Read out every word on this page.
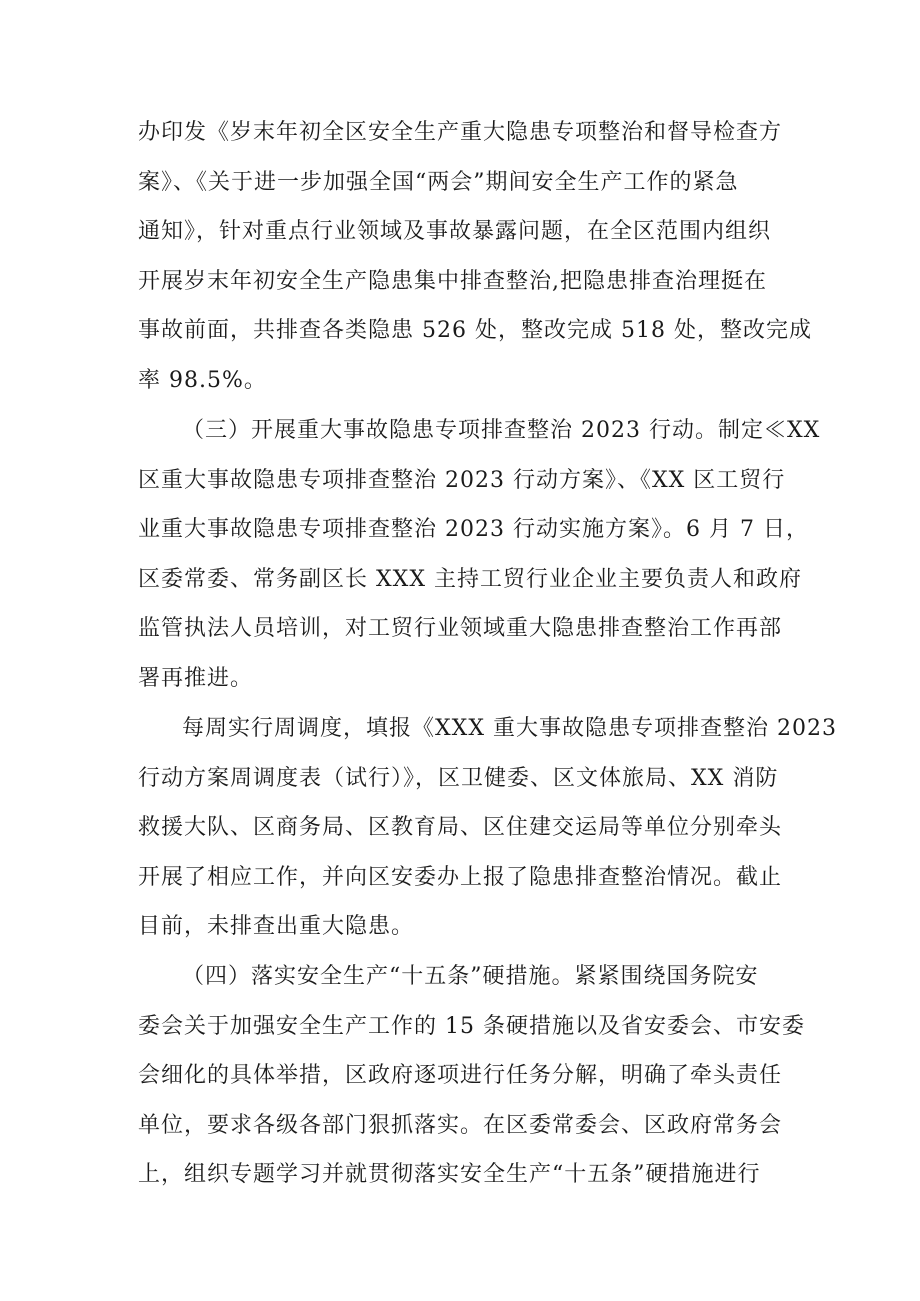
办印发《岁末年初全区安全生产重大隐患专项整治和督导检查方
案》、《关于进一步加强全国“两会”期间安全生产工作的紧急
通知》，针对重点行业领域及事故暴露问题，在全区范围内组织
开展岁末年初安全生产隐患集中排查整治,把隐患排查治理挺在
事故前面，共排查各类隐患 526 处，整改完成 518 处，整改完成
率 98.5%。

（三）开展重大事故隐患专项排查整治 2023 行动。制定≪XX
区重大事故隐患专项排查整治 2023 行动方案》、《XX 区工贸行
业重大事故隐患专项排查整治 2023 行动实施方案》。6 月 7 日，
区委常委、常务副区长 XXX 主持工贸行业企业主要负责人和政府
监管执法人员培训，对工贸行业领域重大隐患排查整治工作再部
署再推进。

每周实行周调度，填报《XXX 重大事故隐患专项排查整治 2023
行动方案周调度表（试行）》，区卫健委、区文体旅局、XX 消防
救援大队、区商务局、区教育局、区住建交运局等单位分别牵头
开展了相应工作，并向区安委办上报了隐患排查整治情况。截止
目前，未排查出重大隐患。

（四）落实安全生产“十五条”硬措施。紧紧围绕国务院安
委会关于加强安全生产工作的 15 条硬措施以及省安委会、市安委
会细化的具体举措，区政府逐项进行任务分解，明确了牵头责任
单位，要求各级各部门狠抓落实。在区委常委会、区政府常务会
上，组织专题学习并就贯彻落实安全生产“十五条”硬措施进行
